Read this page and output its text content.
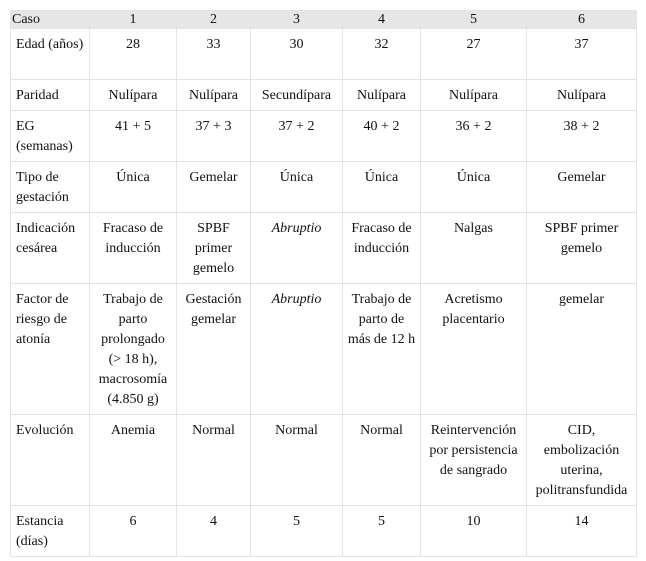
Caso	1	2	3	4	5	6
Edad (años)	28	33	30	32	27	37
Paridad	Nulípara	Nulípara	Secundípara	Nulípara	Nulípara	Nulípara
EG (semanas)	41 + 5	37 + 3	37 + 2	40 + 2	36 + 2	38 + 2
Tipo de gestación	Única	Gemelar	Única	Única	Única	Gemelar
Indicación cesárea	Fracaso de inducción	SPBF primer gemelo	Abruptio	Fracaso de inducción	Nalgas	SPBF primer gemelo
Factor de riesgo de atonía	Trabajo de parto prolongado (> 18 h), macrosomía (4.850 g)	Gestación gemelar	Abruptio	Trabajo de parto de más de 12 h	Acretismo placentario	gemelar
Evolución	Anemia	Normal	Normal	Normal	Reintervención por persistencia de sangrado	CID, embolización uterina, politransfundida
Estancia (días)	6	4	5	5	10	14
